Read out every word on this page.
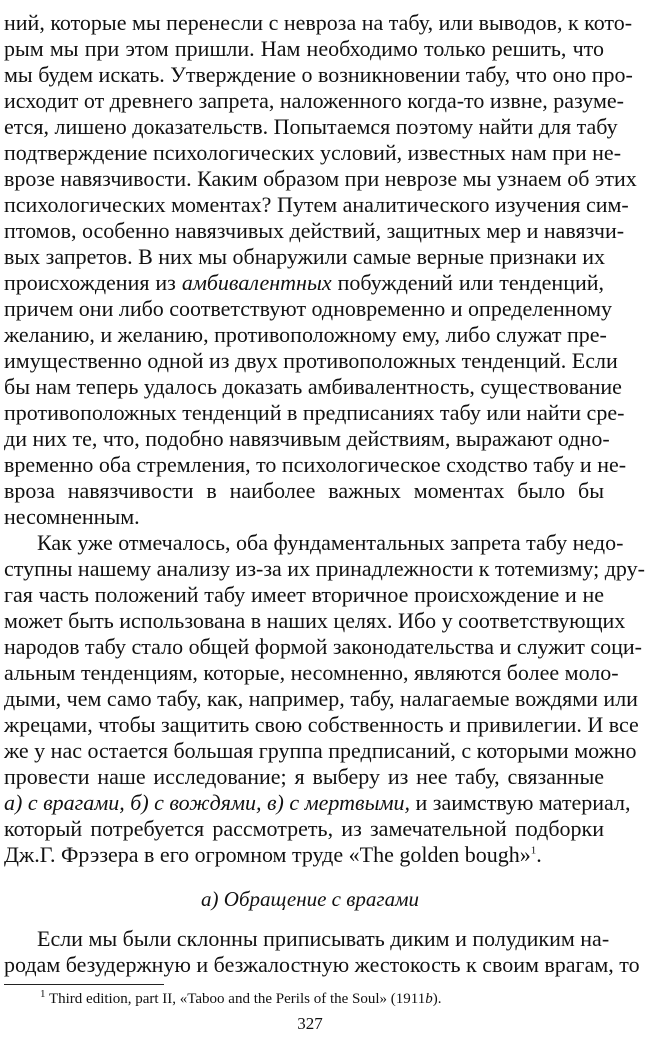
ний, которые мы перенесли с невроза на табу, или выводов, к кото-
рым мы при этом пришли. Нам необходимо только решить, что
мы будем искать. Утверждение о возникновении табу, что оно про-
исходит от древнего запрета, наложенного когда-то извне, разуме-
ется, лишено доказательств. Попытаемся поэтому найти для табу
подтверждение психологических условий, известных нам при не-
врозе навязчивости. Каким образом при неврозе мы узнаем об этих
психологических моментах? Путем аналитического изучения сим-
птомов, особенно навязчивых действий, защитных мер и навязчи-
вых запретов. В них мы обнаружили самые верные признаки их
происхождения из амбивалентных побуждений или тенденций,
причем они либо соответствуют одновременно и определенному
желанию, и желанию, противоположному ему, либо служат пре-
имущественно одной из двух противоположных тенденций. Если
бы нам теперь удалось доказать амбивалентность, существование
противоположных тенденций в предписаниях табу или найти сре-
ди них те, что, подобно навязчивым действиям, выражают одно-
временно оба стремления, то психологическое сходство табу и не-
вроза навязчивости в наиболее важных моментах было бы
несомненным.
Как уже отмечалось, оба фундаментальных запрета табу недо-
ступны нашему анализу из-за их принадлежности к тотемизму; дру-
гая часть положений табу имеет вторичное происхождение и не
может быть использована в наших целях. Ибо у соответствующих
народов табу стало общей формой законодательства и служит соци-
альным тенденциям, которые, несомненно, являются более моло-
дыми, чем само табу, как, например, табу, налагаемые вождями или
жрецами, чтобы защитить свою собственность и привилегии. И все
же у нас остается большая группа предписаний, с которыми можно
провести наше исследование; я выберу из нее табу, связанные
а) с врагами, б) с вождями, в) с мертвыми, и заимствую материал,
который потребуется рассмотреть, из замечательной подборки
Дж.Г. Фрэзера в его огромном труде «The golden bough»$^1$.
а) Обращение с врагами
Если мы были склонны приписывать диким и полудиким на-
родам безудержную и безжалостную жестокость к своим врагам, то
$^1$ Third edition, part II, «Taboo and the Perils of the Soul» (1911b).
327
